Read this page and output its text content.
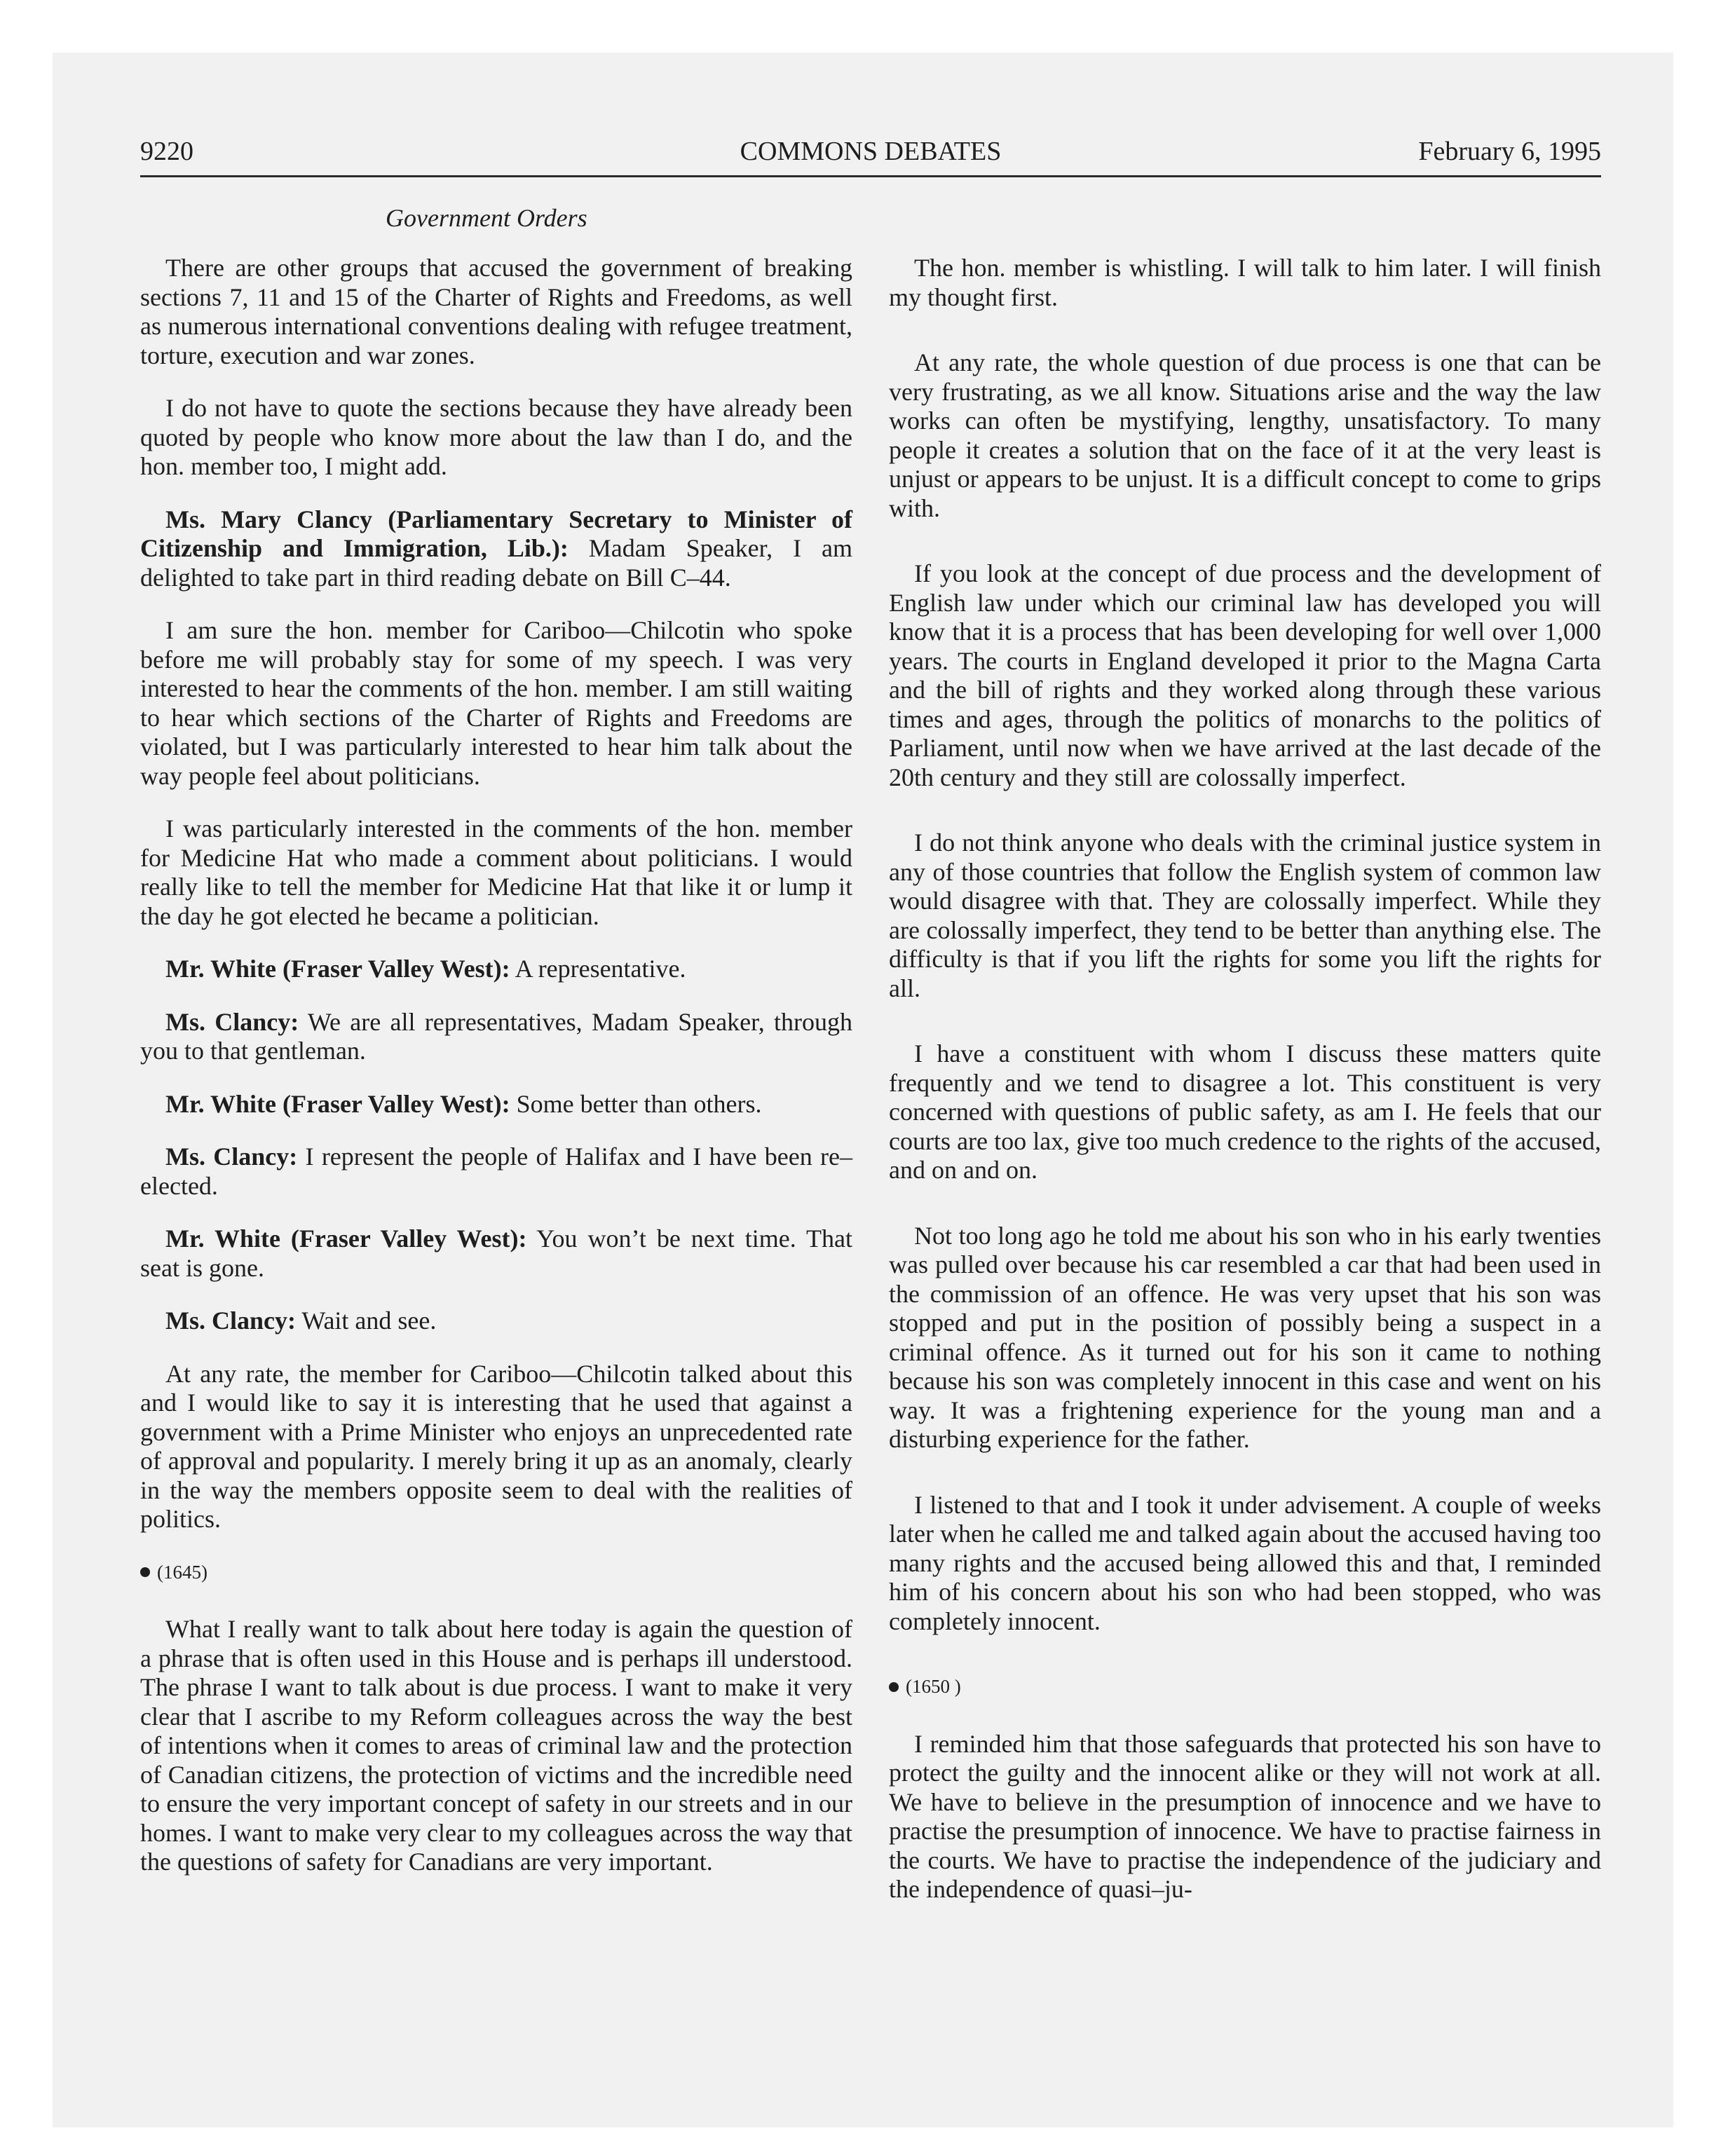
9220	COMMONS DEBATES	February 6, 1995
Government Orders

There are other groups that accused the government of breaking sections 7, 11 and 15 of the Charter of Rights and Freedoms, as well as numerous international conventions dealing with refugee treatment, torture, execution and war zones.

I do not have to quote the sections because they have already been quoted by people who know more about the law than I do, and the hon. member too, I might add.

Ms. Mary Clancy (Parliamentary Secretary to Minister of Citizenship and Immigration, Lib.): Madam Speaker, I am delighted to take part in third reading debate on Bill C–44.

I am sure the hon. member for Cariboo—Chilcotin who spoke before me will probably stay for some of my speech. I was very interested to hear the comments of the hon. member. I am still waiting to hear which sections of the Charter of Rights and Freedoms are violated, but I was particularly interested to hear him talk about the way people feel about politicians.

I was particularly interested in the comments of the hon. member for Medicine Hat who made a comment about politicians. I would really like to tell the member for Medicine Hat that like it or lump it the day he got elected he became a politician.

Mr. White (Fraser Valley West): A representative.

Ms. Clancy: We are all representatives, Madam Speaker, through you to that gentleman.

Mr. White (Fraser Valley West): Some better than others.

Ms. Clancy: I represent the people of Halifax and I have been re–elected.

Mr. White (Fraser Valley West): You won’t be next time. That seat is gone.

Ms. Clancy: Wait and see.

At any rate, the member for Cariboo—Chilcotin talked about this and I would like to say it is interesting that he used that against a government with a Prime Minister who enjoys an unprecedented rate of approval and popularity. I merely bring it up as an anomaly, clearly in the way the members opposite seem to deal with the realities of politics.

(1645)

What I really want to talk about here today is again the question of a phrase that is often used in this House and is perhaps ill understood. The phrase I want to talk about is due process. I want to make it very clear that I ascribe to my Reform colleagues across the way the best of intentions when it comes to areas of criminal law and the protection of Canadian citizens, the protection of victims and the incredible need to ensure the very important concept of safety in our streets and in our homes. I want to make very clear to my colleagues across the way that the questions of safety for Canadians are very important.

The hon. member is whistling. I will talk to him later. I will finish my thought first.

At any rate, the whole question of due process is one that can be very frustrating, as we all know. Situations arise and the way the law works can often be mystifying, lengthy, unsatisfactory. To many people it creates a solution that on the face of it at the very least is unjust or appears to be unjust. It is a difficult concept to come to grips with.

If you look at the concept of due process and the development of English law under which our criminal law has developed you will know that it is a process that has been developing for well over 1,000 years. The courts in England developed it prior to the Magna Carta and the bill of rights and they worked along through these various times and ages, through the politics of monarchs to the politics of Parliament, until now when we have arrived at the last decade of the 20th century and they still are colossally imperfect.

I do not think anyone who deals with the criminal justice system in any of those countries that follow the English system of common law would disagree with that. They are colossally imperfect. While they are colossally imperfect, they tend to be better than anything else. The difficulty is that if you lift the rights for some you lift the rights for all.

I have a constituent with whom I discuss these matters quite frequently and we tend to disagree a lot. This constituent is very concerned with questions of public safety, as am I. He feels that our courts are too lax, give too much credence to the rights of the accused, and on and on.

Not too long ago he told me about his son who in his early twenties was pulled over because his car resembled a car that had been used in the commission of an offence. He was very upset that his son was stopped and put in the position of possibly being a suspect in a criminal offence. As it turned out for his son it came to nothing because his son was completely innocent in this case and went on his way. It was a frightening experience for the young man and a disturbing experience for the father.

I listened to that and I took it under advisement. A couple of weeks later when he called me and talked again about the accused having too many rights and the accused being allowed this and that, I reminded him of his concern about his son who had been stopped, who was completely innocent.

(1650 )

I reminded him that those safeguards that protected his son have to protect the guilty and the innocent alike or they will not work at all. We have to believe in the presumption of innocence and we have to practise the presumption of innocence. We have to practise fairness in the courts. We have to practise the independence of the judiciary and the independence of quasi–ju-
